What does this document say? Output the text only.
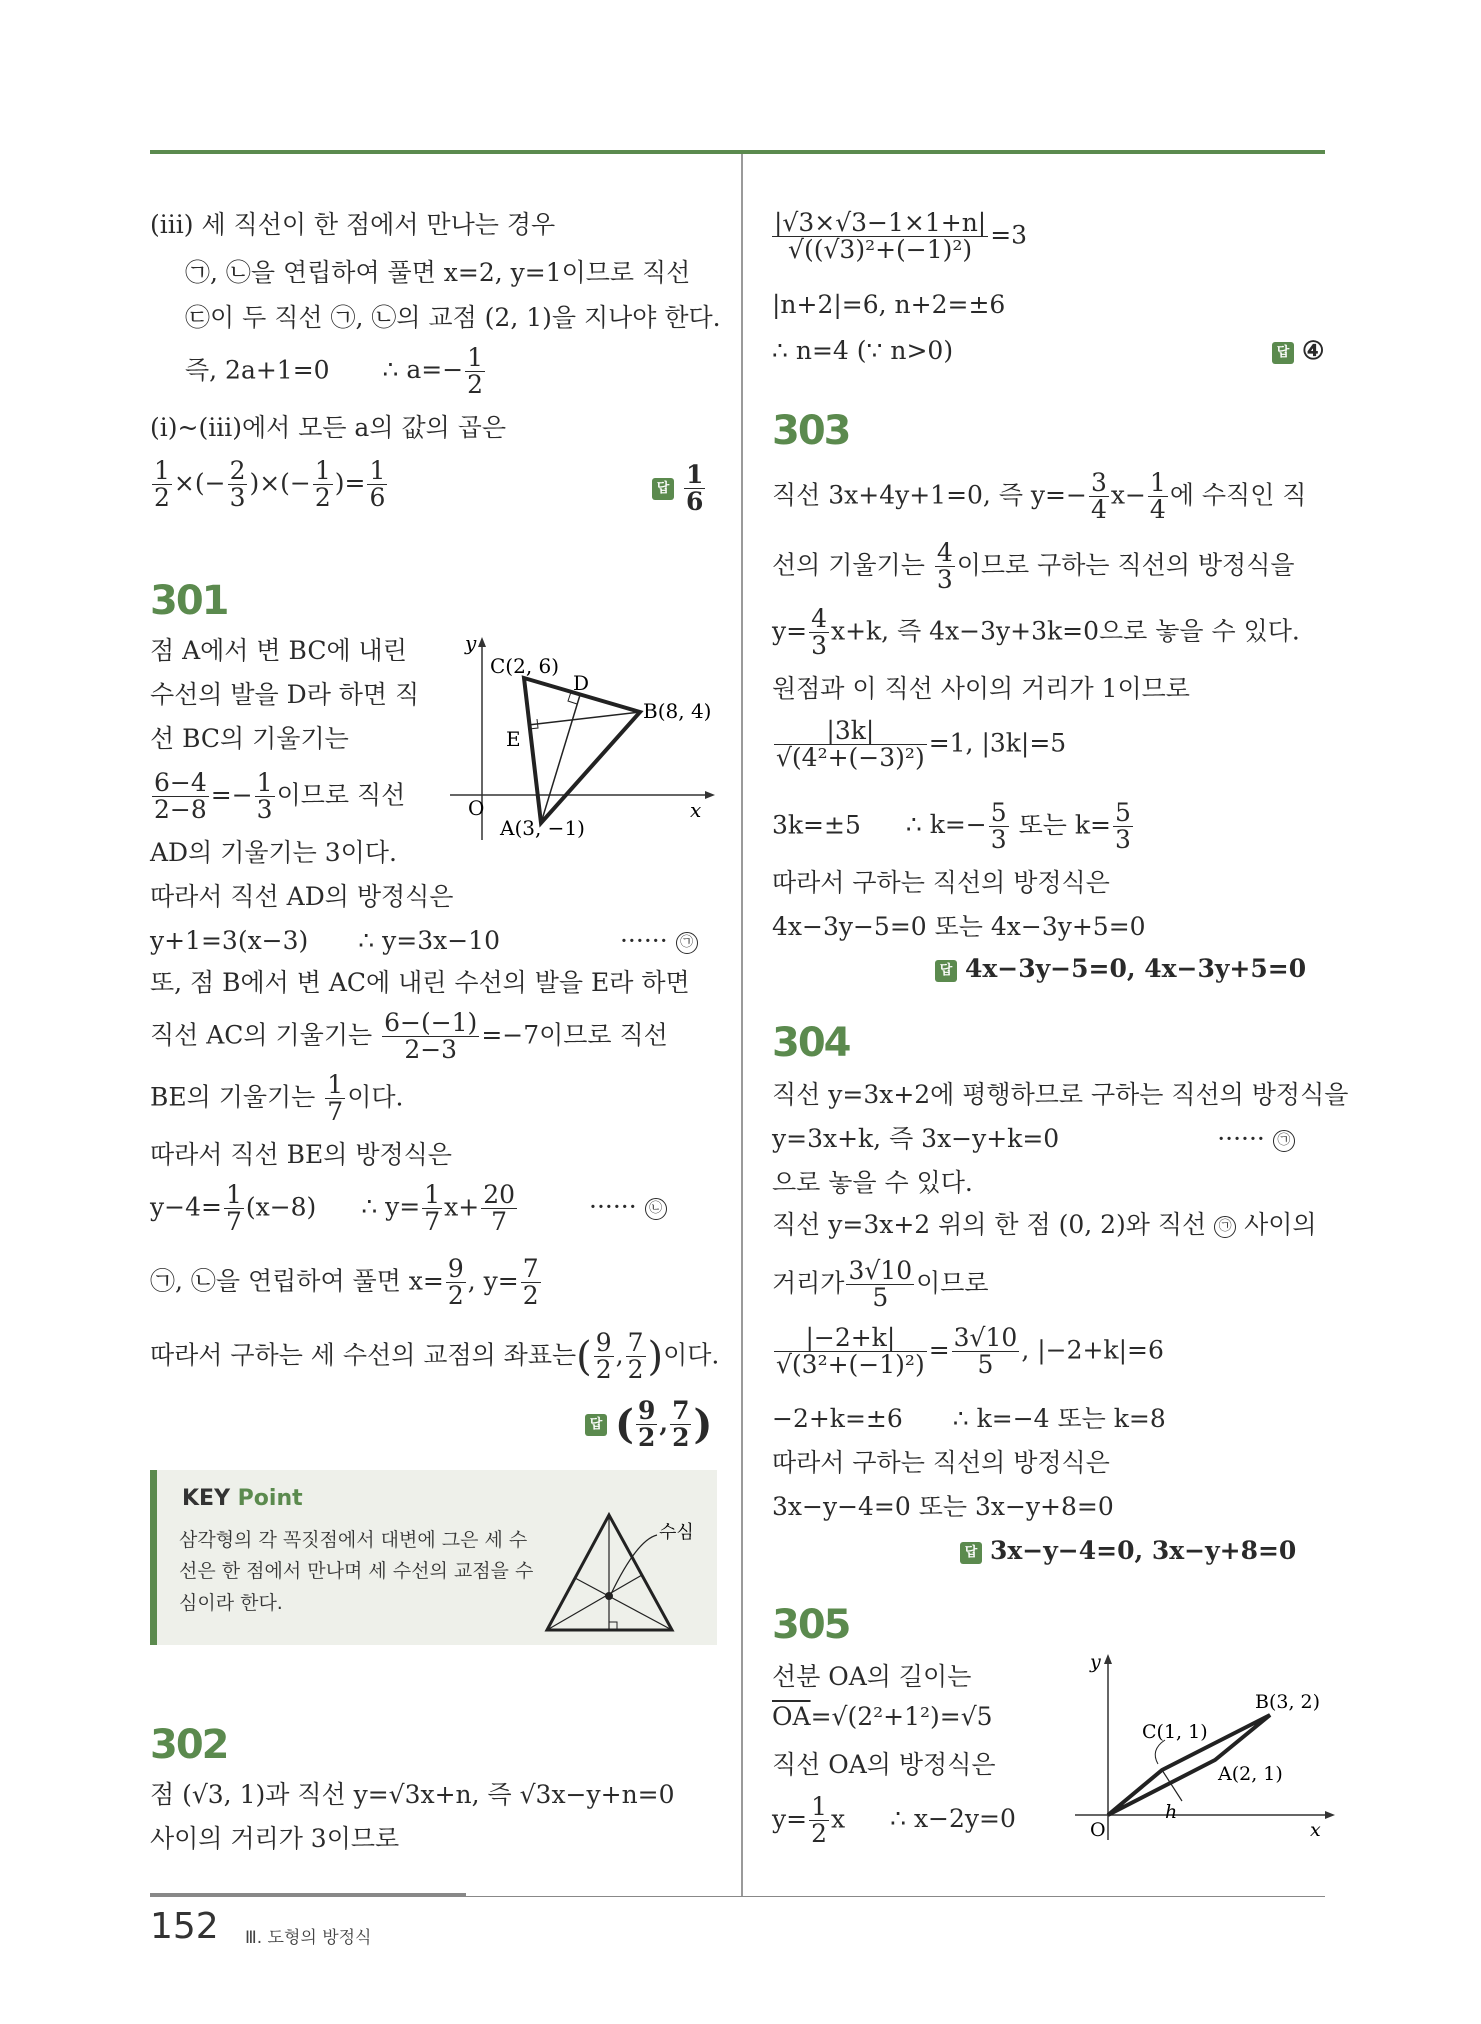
(iii) 세 직선이 한 점에서 만나는 경우
㉠, ㉡을 연립하여 풀면 x=2, y=1이므로 직선
㉢이 두 직선 ㉠, ㉡의 교점 (2, 1)을 지나야 한다.
즉, 2a+1=0 ∴ $a=- \frac{1}{2}$
(i)~(iii)에서 모든 a의 값의 곱은
$\frac{1}{2}$ ×(− $\frac{2}{3}$ )×(− $\frac{1}{2}$ )= $\frac{1}{6}$	답 $\frac{1}{6}$
301
점 A에서 변 BC에 내린
수선의 발을 D라 하면 직
선 BC의 기울기는
$\frac{6-4}{2-8} =- \frac{1}{3}$ 이므로 직선
AD의 기울기는 3이다.
따라서 직선 AD의 방정식은
y+1=3(x−3) ∴ y=3x−10	······ ㉠
또, 점 B에서 변 AC에 내린 수선의 발을 E라 하면
직선 AC의 기울기는 $\frac{6-(-1)}{2-3} =-7$이므로 직선
BE의 기울기는 $\frac{1}{7}$ 이다.
따라서 직선 BE의 방정식은
$y-4= \frac{1}{7} (x-8)$ ∴ $y= \frac{1}{7} x+ \frac{20}{7}$	······ ㉡
㉠, ㉡을 연립하여 풀면 $x= \frac{9}{2}$ , $y= \frac{7}{2}$
따라서 구하는 세 수선의 교점의 좌표는( $\frac{9}{2}$ , $\frac{7}{2}$ )이다.
답 ( $\frac{9}{2}$ , $\frac{7}{2}$ )
C(2, 6)
D
B(8, 4)
E
O
A(3, −1)
x
y
KEY Point
삼각형의 각 꼭짓점에서 대변에 그은 세 수선은 한 점에서 만나며 세 수선의 교점을 수심이라 한다.
수심
302
점 (√3, 1)과 직선 y=√3x+n, 즉 √3x−y+n=0
사이의 거리가 3이므로
$\frac{|√3\times√3-1\times 1+n|}{\text{√((√3)²+(−1)²)}} =3$
|n+2|=6, n+2=±6
∴ n=4 (∵ n>0)	답 ④
303
직선 3x+4y+1=0, 즉 $y=- \frac{3}{4} x- \frac{1}{4}$ 에 수직인 직
선의 기울기는 $\frac{4}{3}$ 이므로 구하는 직선의 방정식을
$y= \frac{4}{3} x+k$, 즉 4x−3y+3k=0으로 놓을 수 있다.
원점과 이 직선 사이의 거리가 1이므로
$\frac{|3k|}{\text{√(4²+(−3)²)}} =1$, |3k|=5
3k=±5 ∴ $k=- \frac{5}{3}$ 또는 $k= \frac{5}{3}$
따라서 구하는 직선의 방정식은
4x−3y−5=0 또는 4x−3y+5=0
답 4x−3y−5=0, 4x−3y+5=0
304
직선 y=3x+2에 평행하므로 구하는 직선의 방정식을
y=3x+k, 즉 3x−y+k=0	······ ㉠
으로 놓을 수 있다.
직선 y=3x+2 위의 한 점 (0, 2)와 직선 ㉠ 사이의
거리가 $\frac{3√10}{5}$ 이므로
$\frac{|-2+k|}{\text{√(3²+(−1)²)}} = \frac{3√10}{5}$ , |−2+k|=6
−2+k=±6 ∴ k=−4 또는 k=8
따라서 구하는 직선의 방정식은
3x−y−4=0 또는 3x−y+8=0
답 3x−y−4=0, 3x−y+8=0
305
선분 OA의 길이는
$\overline{OA}=√(2^2+1^2)=√5$
직선 OA의 방정식은
$y= \frac{1}{2}$ x ∴ x−2y=0
B(3, 2)
C(1, 1)
A(2, 1)
h
O	x
y
152 Ⅲ. 도형의 방정식
